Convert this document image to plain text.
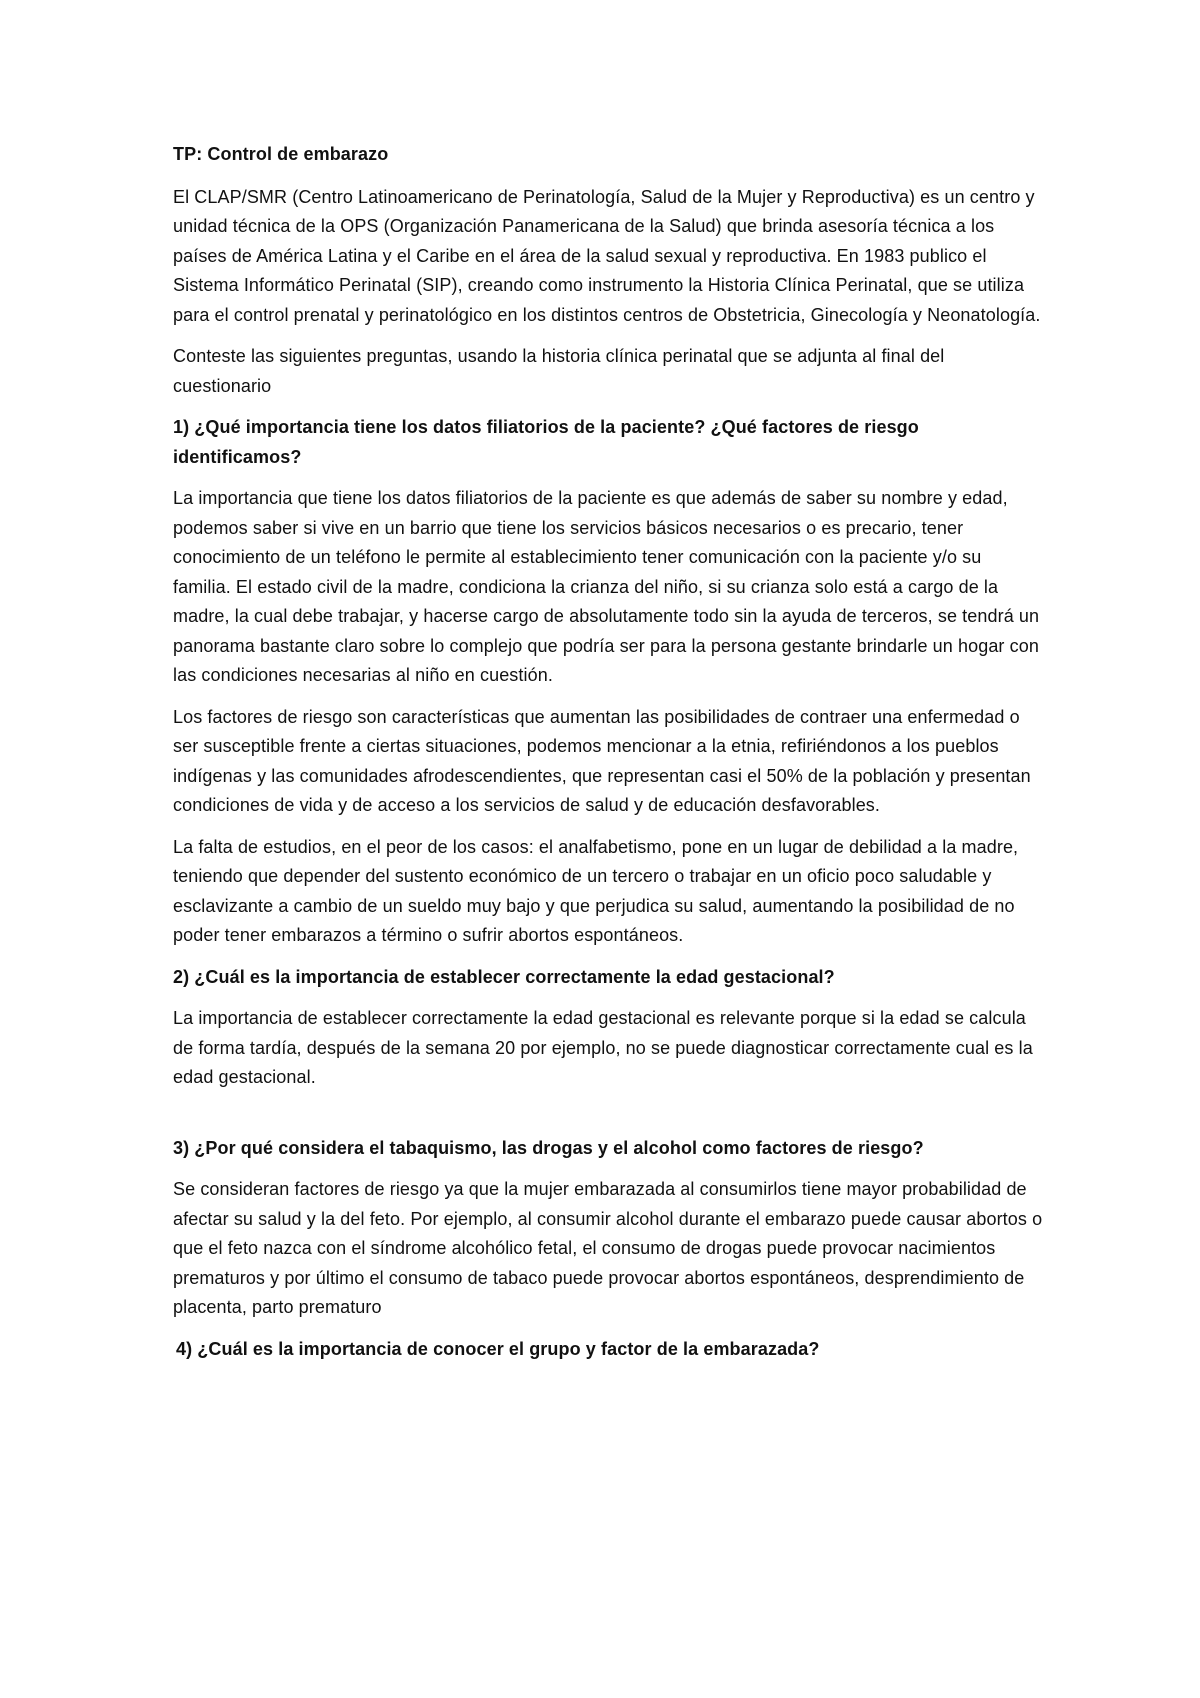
TP: Control de embarazo

El CLAP/SMR (Centro Latinoamericano de Perinatología, Salud de la Mujer y Reproductiva) es un centro y unidad técnica de la OPS (Organización Panamericana de la Salud) que brinda asesoría técnica a los países de América Latina y el Caribe en el área de la salud sexual y reproductiva. En 1983 publico el Sistema Informático Perinatal (SIP), creando como instrumento la Historia Clínica Perinatal, que se utiliza para el control prenatal y perinatológico en los distintos centros de Obstetricia, Ginecología y Neonatología.

Conteste las siguientes preguntas, usando la historia clínica perinatal que se adjunta al final del cuestionario

1) ¿Qué importancia tiene los datos filiatorios de la paciente? ¿Qué factores de riesgo identificamos?

La importancia que tiene los datos filiatorios de la paciente es que además de saber su nombre y edad, podemos saber si vive en un barrio que tiene los servicios básicos necesarios o es precario, tener conocimiento de un teléfono le permite al establecimiento tener comunicación con la paciente y/o su familia. El estado civil de la madre, condiciona la crianza del niño, si su crianza solo está a cargo de la madre, la cual debe trabajar, y hacerse cargo de absolutamente todo sin la ayuda de terceros, se tendrá un panorama bastante claro sobre lo complejo que podría ser para la persona gestante brindarle un hogar con las condiciones necesarias al niño en cuestión.

Los factores de riesgo son características que aumentan las posibilidades de contraer una enfermedad o ser susceptible frente a ciertas situaciones, podemos mencionar a la etnia, refiriéndonos a los pueblos indígenas y las comunidades afrodescendientes, que representan casi el 50% de la población y presentan condiciones de vida y de acceso a los servicios de salud y de educación desfavorables.

La falta de estudios, en el peor de los casos: el analfabetismo, pone en un lugar de debilidad a la madre, teniendo que depender del sustento económico de un tercero o trabajar en un oficio poco saludable y esclavizante a cambio de un sueldo muy bajo y que perjudica su salud, aumentando la posibilidad de no poder tener embarazos a término o sufrir abortos espontáneos.

2) ¿Cuál es la importancia de establecer correctamente la edad gestacional?

La importancia de establecer correctamente la edad gestacional es relevante porque si la edad se calcula de forma tardía, después de la semana 20 por ejemplo, no se puede diagnosticar correctamente cual es la edad gestacional.

3) ¿Por qué considera el tabaquismo, las drogas y el alcohol como factores de riesgo?

Se consideran factores de riesgo ya que la mujer embarazada al consumirlos tiene mayor probabilidad de afectar su salud y la del feto. Por ejemplo, al consumir alcohol durante el embarazo puede causar abortos o que el feto nazca con el síndrome alcohólico fetal, el consumo de drogas puede provocar nacimientos prematuros y por último el consumo de tabaco puede provocar abortos espontáneos, desprendimiento de placenta, parto prematuro

4) ¿Cuál es la importancia de conocer el grupo y factor de la embarazada?
